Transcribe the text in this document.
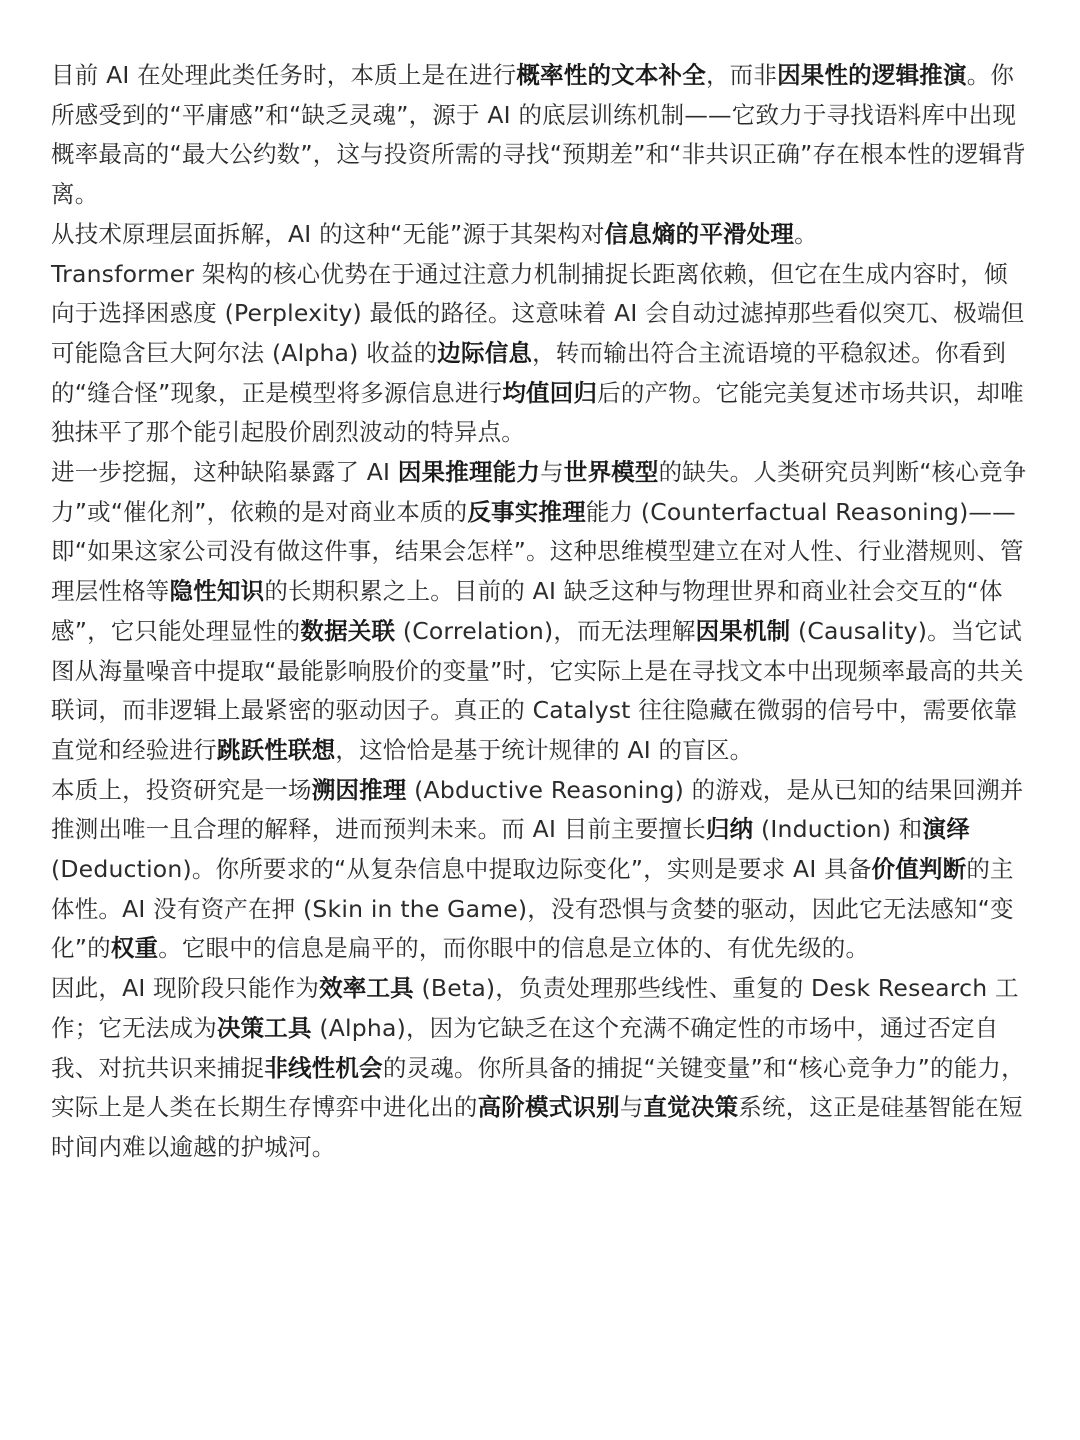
目前 AI 在处理此类任务时，本质上是在进行概率性的文本补全，而非因果性的逻辑推演。你所感受到的“平庸感”和“缺乏灵魂”，源于 AI 的底层训练机制——它致力于寻找语料库中出现概率最高的“最大公约数”，这与投资所需的寻找“预期差”和“非共识正确”存在根本性的逻辑背离。

从技术原理层面拆解，AI 的这种“无能”源于其架构对信息熵的平滑处理。

Transformer 架构的核心优势在于通过注意力机制捕捉长距离依赖，但它在生成内容时，倾向于选择困惑度 (Perplexity) 最低的路径。这意味着 AI 会自动过滤掉那些看似突兀、极端但可能隐含巨大阿尔法 (Alpha) 收益的边际信息，转而输出符合主流语境的平稳叙述。你看到的“缝合怪”现象，正是模型将多源信息进行均值回归后的产物。它能完美复述市场共识，却唯独抹平了那个能引起股价剧烈波动的特异点。

进一步挖掘，这种缺陷暴露了 AI 因果推理能力与世界模型的缺失。人类研究员判断“核心竞争力”或“催化剂”，依赖的是对商业本质的反事实推理能力 (Counterfactual Reasoning)——即“如果这家公司没有做这件事，结果会怎样”。这种思维模型建立在对人性、行业潜规则、管理层性格等隐性知识的长期积累之上。目前的 AI 缺乏这种与物理世界和商业社会交互的“体感”，它只能处理显性的数据关联 (Correlation)，而无法理解因果机制 (Causality)。当它试图从海量噪音中提取“最能影响股价的变量”时，它实际上是在寻找文本中出现频率最高的共关联词，而非逻辑上最紧密的驱动因子。真正的 Catalyst 往往隐藏在微弱的信号中，需要依靠直觉和经验进行跳跃性联想，这恰恰是基于统计规律的 AI 的盲区。

本质上，投资研究是一场溯因推理 (Abductive Reasoning) 的游戏，是从已知的结果回溯并推测出唯一且合理的解释，进而预判未来。而 AI 目前主要擅长归纳 (Induction) 和演绎 (Deduction)。你所要求的“从复杂信息中提取边际变化”，实则是要求 AI 具备价值判断的主体性。AI 没有资产在押 (Skin in the Game)，没有恐惧与贪婪的驱动，因此它无法感知“变化”的权重。它眼中的信息是扁平的，而你眼中的信息是立体的、有优先级的。

因此，AI 现阶段只能作为效率工具 (Beta)，负责处理那些线性、重复的 Desk Research 工作；它无法成为决策工具 (Alpha)，因为它缺乏在这个充满不确定性的市场中，通过否定自我、对抗共识来捕捉非线性机会的灵魂。你所具备的捕捉“关键变量”和“核心竞争力”的能力，实际上是人类在长期生存博弈中进化出的高阶模式识别与直觉决策系统，这正是硅基智能在短时间内难以逾越的护城河。
